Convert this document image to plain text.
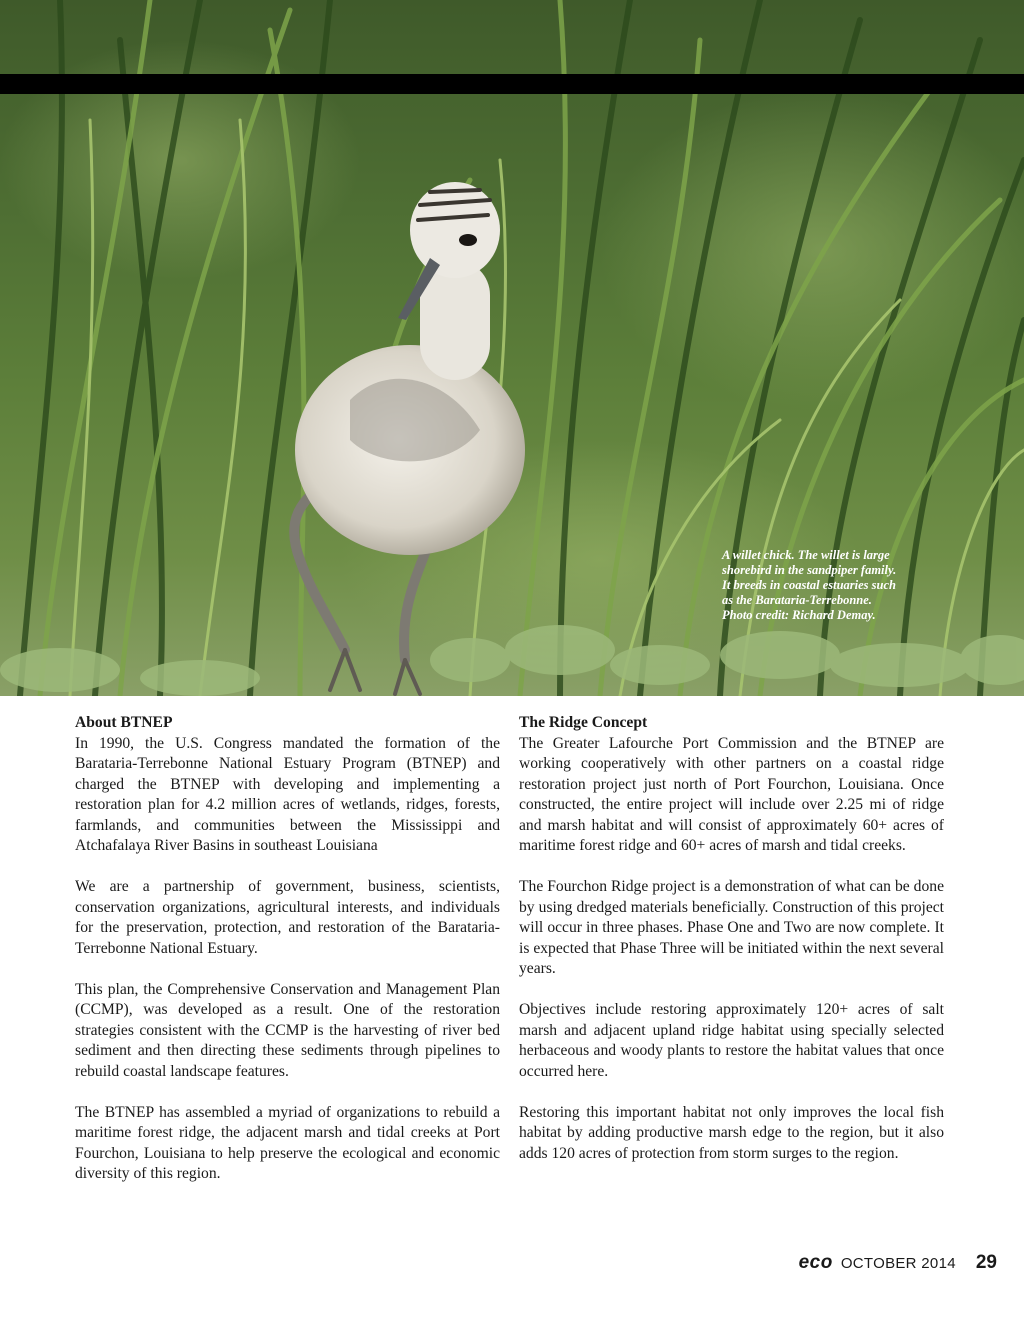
A willet chick. The willet is large
shorebird in the sandpiper family.
It breeds in coastal estuaries such
as the Barataria-Terrebonne.
Photo credit: Richard Demay.
About BTNEP

In 1990, the U.S. Congress mandated the formation of the Barataria-Terrebonne National Estuary Program (BTNEP) and charged the BTNEP with developing and implementing a restoration plan for 4.2 million acres of wetlands, ridges, forests, farmlands, and communities between the Mississippi and Atchafalaya River Basins in southeast Louisiana

We are a partnership of government, business, scientists, conservation organizations, agricultural interests, and individuals for the preservation, protection, and restoration of the Barataria-Terrebonne National Estuary.

This plan, the Comprehensive Conservation and Management Plan (CCMP), was developed as a result. One of the restoration strategies consistent with the CCMP is the harvesting of river bed sediment and then directing these sediments through pipelines to rebuild coastal landscape features.

The BTNEP has assembled a myriad of organizations to rebuild a maritime forest ridge, the adjacent marsh and tidal creeks at Port Fourchon, Louisiana to help preserve the ecological and economic diversity of this region.

The Ridge Concept

The Greater Lafourche Port Commission and the BTNEP are working cooperatively with other partners on a coastal ridge restoration project just north of Port Fourchon, Louisiana. Once constructed, the entire project will include over 2.25 mi of ridge and marsh habitat and will consist of approximately 60+ acres of maritime forest ridge and 60+ acres of marsh and tidal creeks.

The Fourchon Ridge project is a demonstration of what can be done by using dredged materials beneficially. Construction of this project will occur in three phases. Phase One and Two are now complete. It is expected that Phase Three will be initiated within the next several years.

Objectives include restoring approximately 120+ acres of salt marsh and adjacent upland ridge habitat using specially selected herbaceous and woody plants to restore the habitat values that once occurred here.

Restoring this important habitat not only improves the local fish habitat by adding productive marsh edge to the region, but it also adds 120 acres of protection from storm surges to the region.

eco OCTOBER 2014 29
